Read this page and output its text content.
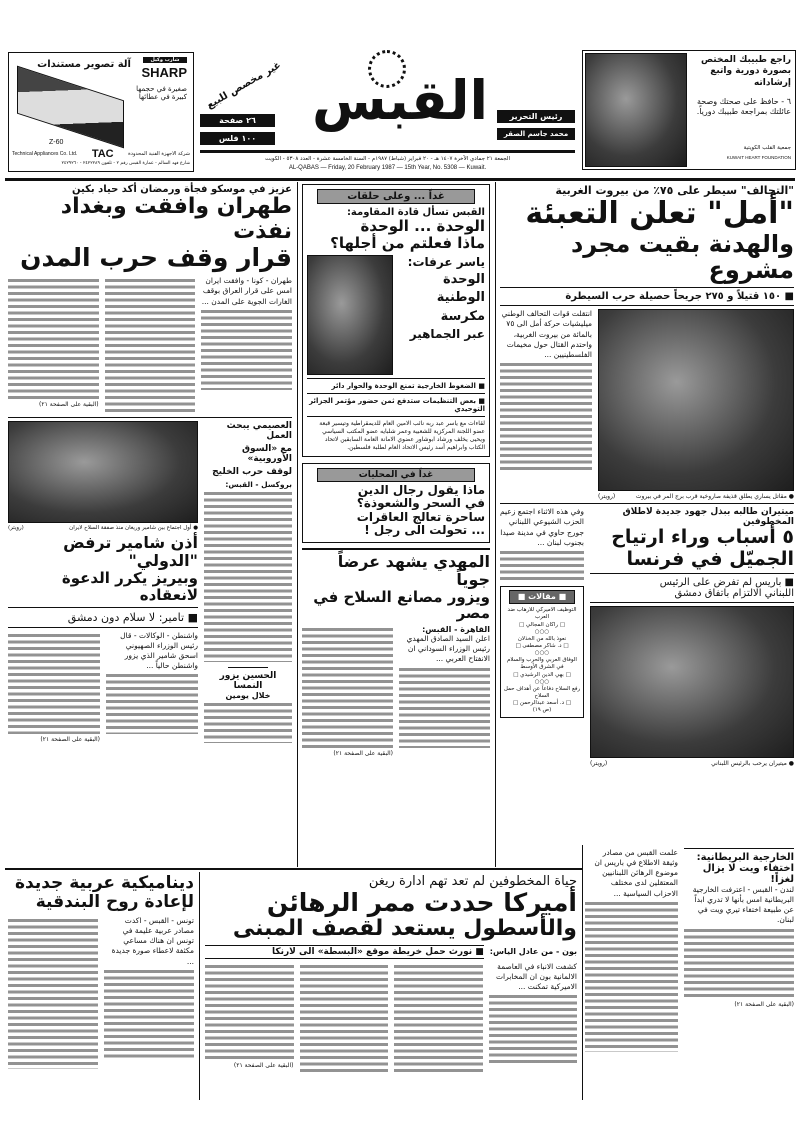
شارب وكيل
SHARP
آلة تصوير مستندات
صغيرة في حجمها كبيرة في عطائها
Z-60
Technical Appliances Co. Ltd. TAC	شركة الاجهزة الفنية المحدودة
شارع فهد السالم - عمارة القبس رقم ٢ - تلفون ٢٤٢٢٢٨٩ - ٢٤٢٩٢٦٠
غير مخصص للبيع القبس
٢٦ صفحة
١٠٠ فلس
رئيس التحرير
محمد جاسم الصقر
الجمعة ٢١ جمادي الآخرة ١٤٠٧ هـ - ٢٠ فبراير (شباط) ١٩٨٧م - السنة الخامسة عشرة - العدد ٥٣٠٨ - الكويت
AL-QABAS — Friday, 20 February 1987 — 15th Year, No. 5308 — Kuwait.
راجع طبيبك المختص بصورة دورية واتبع إرشاداته
٦ - حافظ على صحتك وصحة عائلتك بمراجعة طبيبك دورياً.
جمعية القلب الكويتية
KUWAIT HEART FOUNDATION
"التحالف" سيطر على ٧٥٪ من بيروت الغربية
"أمل" تعلن التعبئة
والهدنة بقيت مجرد مشروع
■ ١٥٠ قتيلاً و ٢٧٥ جريحاً حصيلة حرب السيطرة
● مقاتل يساري يطلق قذيفة صاروخية قرب برج المر في بيروت
(رويتر)
انتقلت قوات التحالف الوطني ميليشيات حركة أمل الى ٧٥ بالمائة من بيروت الغربية، واحتدم القتال حول مخيمات الفلسطينيين ...
ميتيران طالبه ببذل جهود جديدة لاطلاق المخطوفين
٥ أسباب وراء ارتياح
الجميّل في فرنسا
■ باريس لم تفرض على الرئيس
اللبناني الالتزام باتفاق دمشق
● ميتيران يرحب بالرئيس اللبناني
(رويتر)
وفي هذه الاثناء اجتمع زعيم الحزب الشيوعي اللبناني جورج حاوي في مدينة صيدا بجنوب لبنان ...
■ مقالات ■
التوظيف الاميركي للارهاب ضد العرب
□ راكان المجالي □
○○○
نعوذ بالله من الخذلان
□ د. شاكر مصطفى □
○○○
الوفاق العربي والحرب والسلام في الشرق الأوسط
□ بهي الدين الرشيدي □
○○○
رفع السلاح دفاعاً عن أهداف حمل السلاح
□ د. أسعد عبدالرحمن □
(ص ١٩)
الخارجية البريطانية:
اختفاء ويت لا يزال لغزاً!
لندن - القبس - اعترفت الخارجية البريطانية امس بأنها لا تدري ابداً عن طبيعة اختفاء تيري ويت في لبنان.
(البقية على الصفحة ٢١)
علمت القبس من مصادر وثيقة الاطلاع في باريس ان موضوع الرهائن اللبنانيين المعتقلين لدى مختلف الاحزاب السياسية ...
غداً ... وعلى حلقات
القبس تسأل قادة المقاومة:
الوحدة ... الوحدة
ماذا فعلتم من أجلها؟
ياسر عرفات:
الوحدة
الوطنية
مكرسة
عبر الجماهير
■ الضغوط الخارجية تمنع الوحدة والحوار دائر
■ بعض التنظيمات ستدفع ثمن حضور مؤتمر الجزائر التوحيدي
لقاءات مع ياسر عبد ربه نائب الامين العام للديمقراطية وتيسير قبعة عضو اللجنة المركزية للشعبية وعمر شلبايه عضو المكتب السياسي ويحيى يخلف ورشاد ابوشاور عضوي الامانة العامة السابقين لاتحاد الكتاب وابراهيم أسد رئيس الاتحاد العام لطلبة فلسطين.
غداً في المحليات
ماذا يقول رجال الدين
في السحر والشعوذة؟
ساحرة تعالج العاقرات
... تحولت الى رجل !
المهدي يشهد عرضاً جوياً
ويزور مصانع السلاح في مصر
القاهرة - القبس:
اعلن السيد الصادق المهدي رئيس الوزراء السوداني ان الانفتاح العربي ...
(البقية على الصفحة ٢١)
عزيز في موسكو فجأة ورمضان أكد حياد بكين
طهران وافقت وبغداد نفذت
قرار وقف حرب المدن
طهران - كونا - وافقت ايران امس على قرار العراق بوقف الغارات الجوية على المدن ...
(البقية على الصفحة ٢١)
العصيمي يبحث العمل
مع «السوق الأوروبية»
لوقف حرب الخليج
بروكسل - القبس:
الحسين يزور النمسا
خلال يومين
● أول اجتماع بين شامير وريغان منذ صفقة السلاح لايران
(رويتر)
أذن شامير ترفض "الدولي"
وبيريز يكرر الدعوة لانعقاده
■ تامير: لا سلام دون دمشق
واشنطن - الوكالات - قال رئيس الوزراء الصهيوني اسحق شامير الذي يزور واشنطن حالياً ...
(البقية على الصفحة ٢١)
ديناميكية عربية جديدة
لإعادة روح البندقية
تونس - القبس - اكدت مصادر عربية عليمة في تونس ان هناك مساعي مكثفة لاعطاء صورة جديدة ...
حياة المخطوفين لم تعد تهم ادارة ريغن
أميركا حددت ممر الرهائن
والأسطول يستعد لقصف المبنى
بون - من عادل الياس:
■ نورث حمل خريطة موقع «البسطة» الى لارنكا
كشفت الانباء في العاصمة الالمانية بون ان المخابرات الاميركية تمكنت ...
(البقية على الصفحة ٢١)
